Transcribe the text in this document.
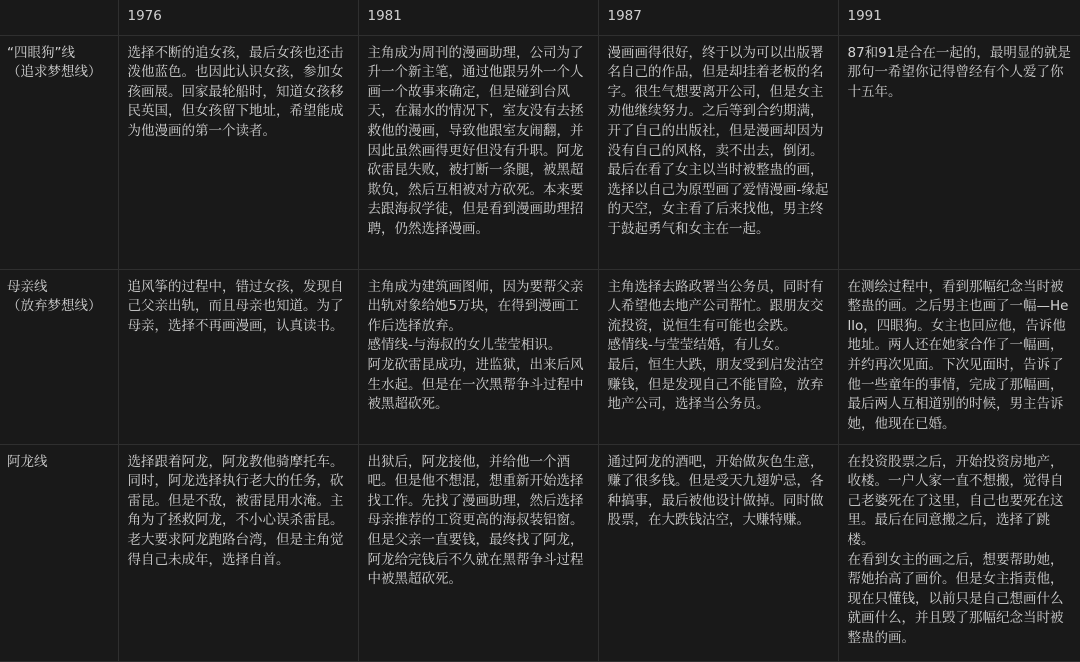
	1976	1981	1987	1991

“四眼狗”线
（追求梦想线）	选择不断的追女孩，最后女孩也还击泼他蓝色。也因此认识女孩，参加女孩画展。回家最轮船时，知道女孩移民英国，但女孩留下地址，希望能成为他漫画的第一个读者。	主角成为周刊的漫画助理，公司为了升一个新主笔，通过他跟另外一个人画一个故事来确定，但是碰到台风天，在漏水的情况下，室友没有去拯救他的漫画，导致他跟室友闹翻，并因此虽然画得更好但没有升职。阿龙砍雷昆失败，被打断一条腿，被黑超欺负，然后互相被对方砍死。本来要去跟海叔学徒，但是看到漫画助理招聘，仍然选择漫画。	漫画画得很好，终于以为可以出版署名自己的作品，但是却挂着老板的名字。很生气想要离开公司，但是女主劝他继续努力。之后等到合约期满，开了自己的出版社，但是漫画却因为没有自己的风格，卖不出去，倒闭。最后在看了女主以当时被整蛊的画，选择以自己为原型画了爱情漫画-缘起的天空，女主看了后来找他，男主终于鼓起勇气和女主在一起。	87和91是合在一起的，最明显的就是那句一希望你记得曾经有个人爱了你十五年。

母亲线
（放弃梦想线）	追风筝的过程中，错过女孩，发现自己父亲出轨，而且母亲也知道。为了母亲，选择不再画漫画，认真读书。	主角成为建筑画图师，因为要帮父亲出轨对象给她5万块，在得到漫画工作后选择放弃。
感情线-与海叔的女儿莹莹相识。
阿龙砍雷昆成功，进监狱，出来后风生水起。但是在一次黑帮争斗过程中被黑超砍死。	主角选择去路政署当公务员，同时有人希望他去地产公司帮忙。跟朋友交流投资，说恒生有可能也会跌。
感情线-与莹莹结婚，有儿女。
最后，恒生大跌，朋友受到启发沽空赚钱，但是发现自己不能冒险，放弃地产公司，选择当公务员。	在测绘过程中，看到那幅纪念当时被整蛊的画。之后男主也画了一幅—Hello，四眼狗。女主也回应他，告诉他地址。两人还在她家合作了一幅画，并约再次见面。下次见面时，告诉了他一些童年的事情，完成了那幅画，最后两人互相道别的时候，男主告诉她，他现在已婚。

阿龙线	选择跟着阿龙，阿龙教他骑摩托车。同时，阿龙选择执行老大的任务，砍雷昆。但是不敌，被雷昆用水淹。主角为了拯救阿龙，不小心误杀雷昆。老大要求阿龙跑路台湾，但是主角觉得自己未成年，选择自首。	出狱后，阿龙接他，并给他一个酒吧。但是他不想混，想重新开始选择找工作。先找了漫画助理，然后选择母亲推荐的工资更高的海叔装铝窗。但是父亲一直要钱，最终找了阿龙，阿龙给完钱后不久就在黑帮争斗过程中被黑超砍死。	通过阿龙的酒吧，开始做灰色生意，赚了很多钱。但是受天九翅妒忌，各种搞事，最后被他设计做掉。同时做股票，在大跌钱沽空，大赚特赚。	在投资股票之后，开始投资房地产，收楼。一户人家一直不想搬，觉得自己老婆死在了这里，自己也要死在这里。最后在同意搬之后，选择了跳楼。
在看到女主的画之后，想要帮助她，帮她抬高了画价。但是女主指责他，现在只懂钱，以前只是自己想画什么就画什么，并且毁了那幅纪念当时被整蛊的画。
